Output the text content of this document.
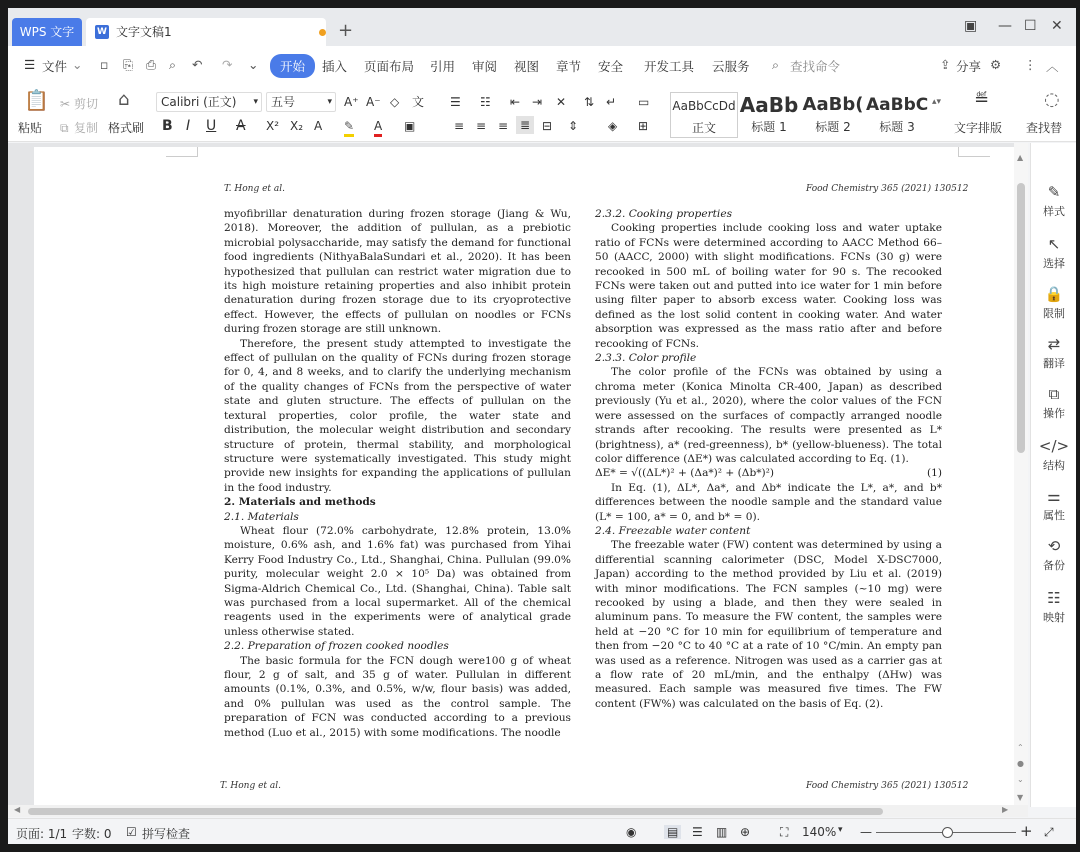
WPS 文字	W 文字文稿1	+	▣ — ☐ ✕
☰ 文件 ⌄ ▫ ⎘ ⎙ ⌕ ↶ ↷ ⌄	开始	插入 页面布局 引用 审阅 视图 章节 安全 开发工具 云服务 ⌕ 查找命令	⇪ 分享 ⚙ ⋮ ︿
📋
粘贴
✂ 剪切
⧉ 复制
⌂
格式刷
Calibri (正文) ▾	五号	▾ A⁺ A⁻ ◇ 文
B I U A X² X₂ A ✎ A ▣
☰ ☷ ⇤ ⇥ ✕ ⇅ ↵ ▭
≡ ≡ ≡ ≣ ⊟ ⇕ ◈ ⊞
AaBbCcDd
正文
AaBb
标题 1
AaBb(
标题 2
AaBbC
标题 3
▴▾ ≝
文字排版
◌
查找替
T. Hong et al.	Food Chemistry 365 (2021) 130512

myofibrillar denaturation during frozen storage (Jiang & Wu, 2018). Moreover, the addition of pullulan, as a prebiotic microbial polysaccharide, may satisfy the demand for functional food ingredients (NithyaBalaSundari et al., 2020). It has been hypothesized that pullulan can restrict water migration due to its high moisture retaining properties and also inhibit protein denaturation during frozen storage due to its cryoprotective effect. However, the effects of pullulan on noodles or FCNs during frozen storage are still unknown.

Therefore, the present study attempted to investigate the effect of pullulan on the quality of FCNs during frozen storage for 0, 4, and 8 weeks, and to clarify the underlying mechanism of the quality changes of FCNs from the perspective of water state and gluten structure. The effects of pullulan on the textural properties, color profile, the water state and distribution, the molecular weight distribution and secondary structure of protein, thermal stability, and morphological structure were systematically investigated. This study might provide new insights for expanding the applications of pullulan in the food industry.

2. Materials and methods

2.1. Materials

Wheat flour (72.0% carbohydrate, 12.8% protein, 13.0% moisture, 0.6% ash, and 1.6% fat) was purchased from Yihai Kerry Food Industry Co., Ltd., Shanghai, China. Pullulan (99.0% purity, molecular weight 2.0 × 10⁵ Da) was obtained from Sigma-Aldrich Chemical Co., Ltd. (Shanghai, China). Table salt was purchased from a local supermarket. All of the chemical reagents used in the experiments were of analytical grade unless otherwise stated.

2.2. Preparation of frozen cooked noodles

The basic formula for the FCN dough were100 g of wheat flour, 2 g of salt, and 35 g of water. Pullulan in different amounts (0.1%, 0.3%, and 0.5%, w/w, flour basis) was added, and 0% pullulan was used as the control sample. The preparation of FCN was conducted according to a previous method (Luo et al., 2015) with some modifications. The noodle

2.3.2. Cooking properties

Cooking properties include cooking loss and water uptake ratio of FCNs were determined according to AACC Method 66–50 (AACC, 2000) with slight modifications. FCNs (30 g) were recooked in 500 mL of boiling water for 90 s. The recooked FCNs were taken out and putted into ice water for 1 min before using filter paper to absorb excess water. Cooking loss was defined as the lost solid content in cooking water. And water absorption was expressed as the mass ratio after and before recooking of FCNs.

2.3.3. Color profile

The color profile of the FCNs was obtained by using a chroma meter (Konica Minolta CR-400, Japan) as described previously (Yu et al., 2020), where the color values of the FCN were assessed on the surfaces of compactly arranged noodle strands after recooking. The results were presented as L* (brightness), a* (red-greenness), b* (yellow-blueness). The total color difference (ΔE*) was calculated according to Eq. (1).

ΔE* = √((ΔL*)² + (Δa*)² + (Δb*)²)	(1)

In Eq. (1), ΔL*, Δa*, and Δb* indicate the L*, a*, and b* differences between the noodle sample and the standard value (L* = 100, a* = 0, and b* = 0).

2.4. Freezable water content

The freezable water (FW) content was determined by using a differential scanning calorimeter (DSC, Model X-DSC7000, Japan) according to the method provided by Liu et al. (2019) with minor modifications. The FCN samples (~10 mg) were recooked by using a blade, and then they were sealed in aluminum pans. To measure the FW content, the samples were held at −20 °C for 10 min for equilibrium of temperature and then from −20 °C to 40 °C at a rate of 10 °C/min. An empty pan was used as a reference. Nitrogen was used as a carrier gas at a flow rate of 20 mL/min, and the enthalpy (ΔHw) was measured. Each sample was measured five times. The FW content (FW%) was calculated on the basis of Eq. (2).

T. Hong et al.	Food Chemistry 365 (2021) 130512
▲
⌃
●
⌄
▼
✎
样式
↖
选择
🔒
限制
⇄
翻译
⧉
操作
</>
结构
⚌
属性
⟲
备份
☷
映射
◀	▶
页面: 1/1 字数: 0 ☑ 拼写检查	◉	▤ ☰ ▥ ⊕ ⛶ 140% ▾ —	+ ⤢
